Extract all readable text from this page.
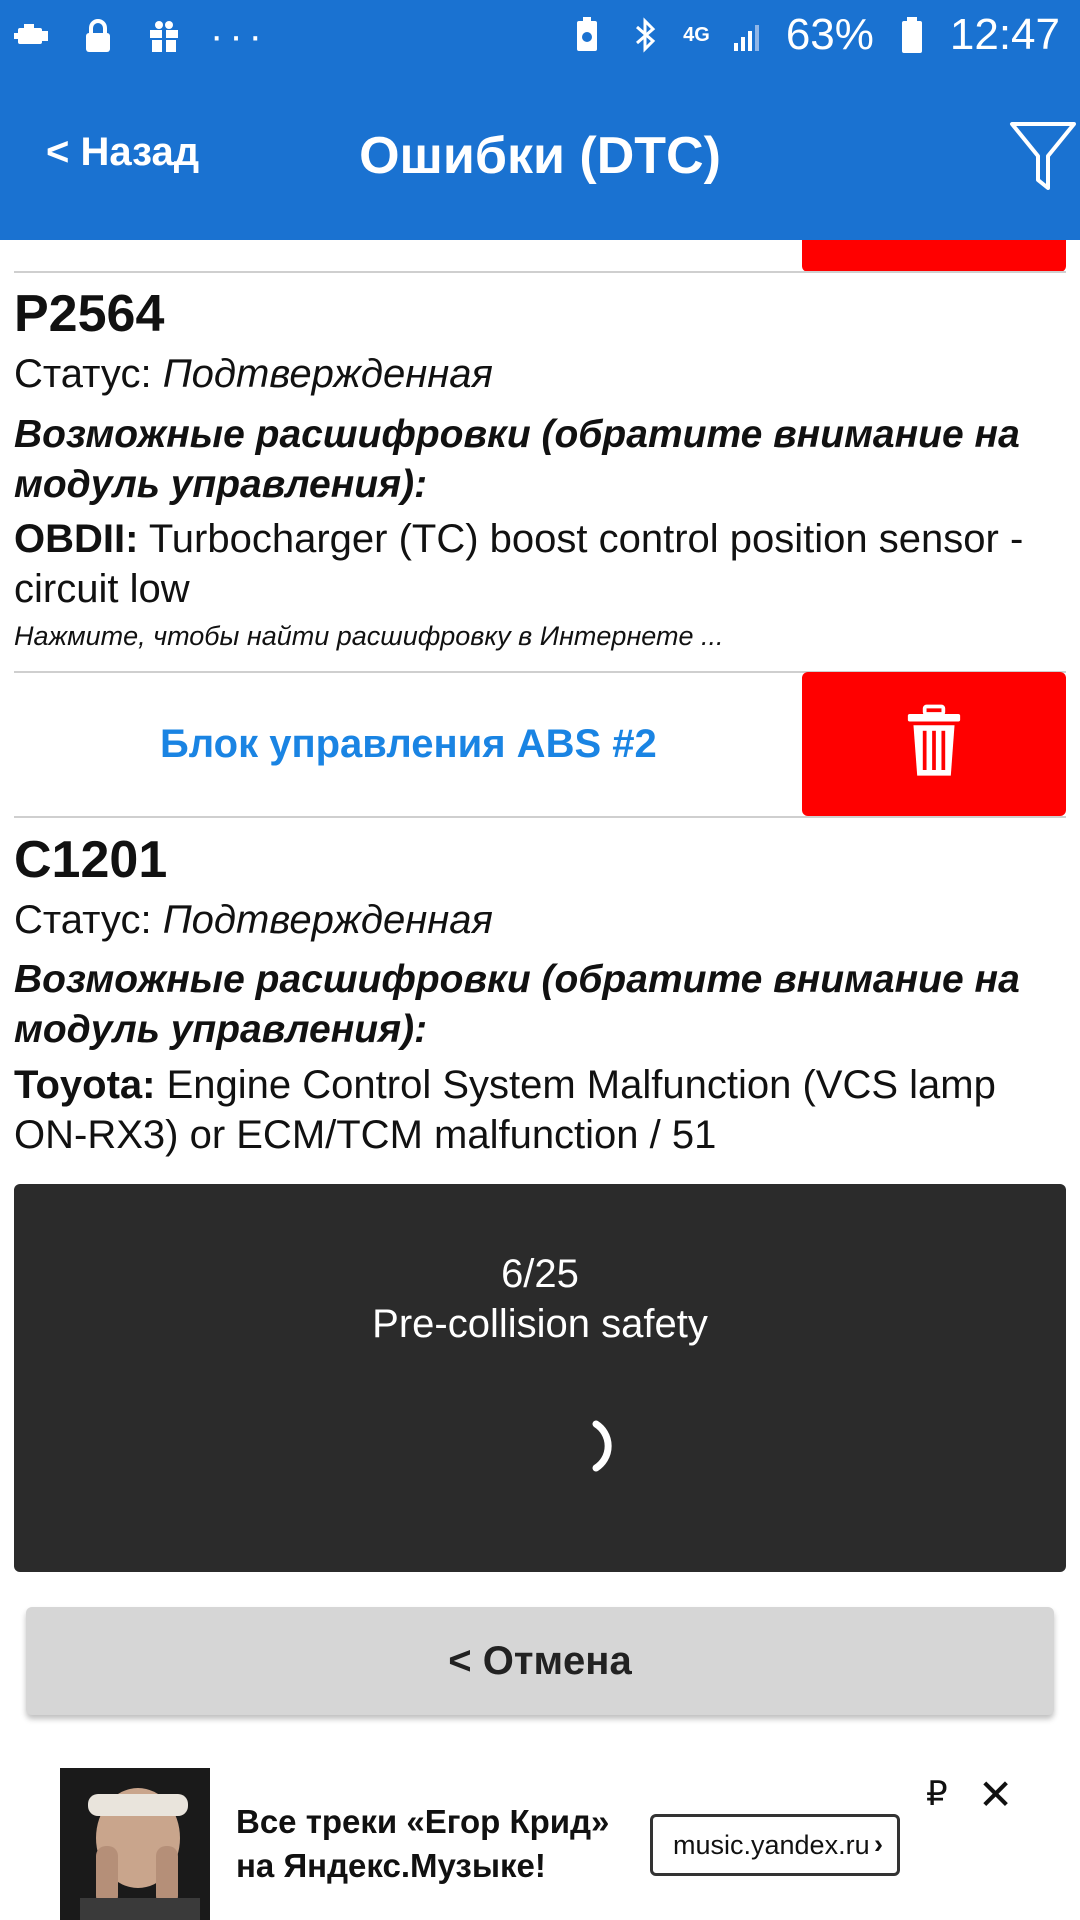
···	4G 63% 12:47
< Назад	Ошибки (DTC)
P2564
Статус: Подтвержденная
Возможные расшифровки (обратите внимание на модуль управления):
OBDII: Turbocharger (TC) boost control position sensor - circuit low
Нажмите, чтобы найти расшифровку в Интернете ...
Блок управления ABS #2
C1201
Статус: Подтвержденная
Возможные расшифровки (обратите внимание на модуль управления):
Toyota: Engine Control System Malfunction (VCS lamp ON-RX3) or ECM/TCM malfunction / 51
6/25
Pre-collision safety
< Отмена
Все треки «Егор Крид» на Яндекс.Музыке!
music.yandex.ru ›
₽ ✕
